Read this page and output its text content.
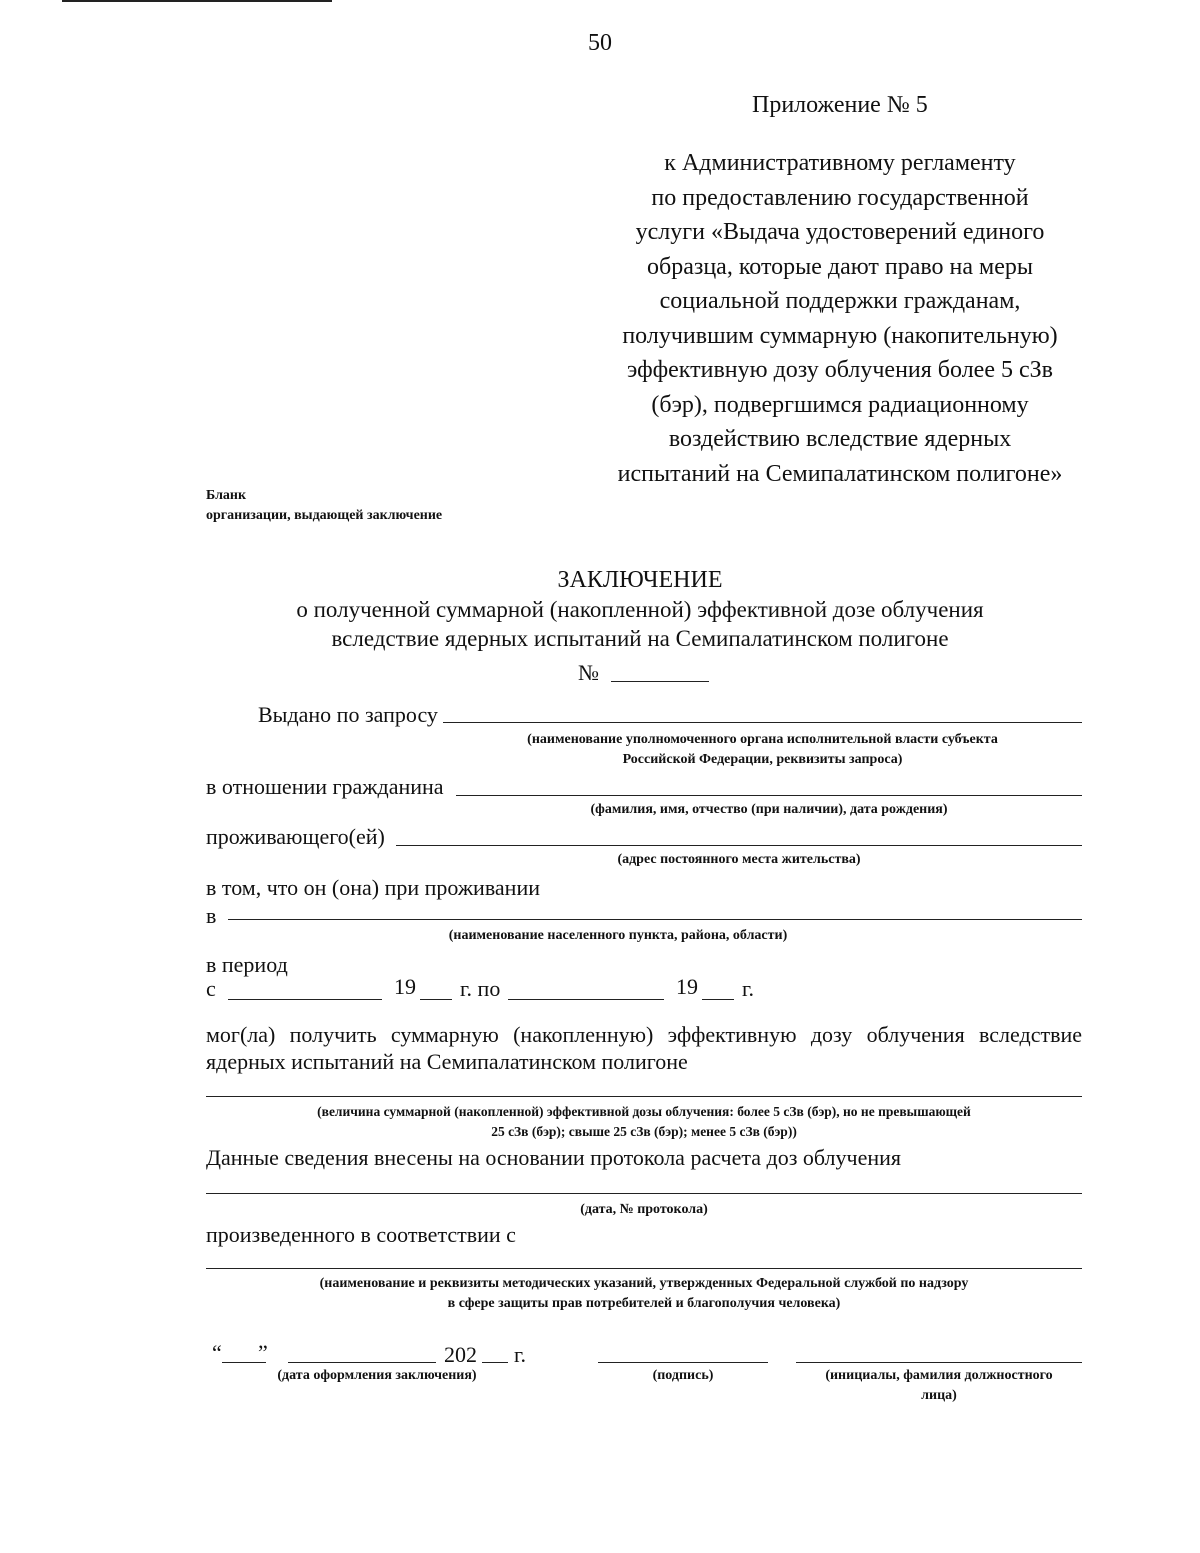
50
Приложение № 5
к Административному регламенту
по предоставлению государственной
услуги «Выдача удостоверений единого
образца, которые дают право на меры
социальной поддержки гражданам,
получившим суммарную (накопительную)
эффективную дозу облучения более 5 сЗв
(бэр), подвергшимся радиационному
воздействию вследствие ядерных
испытаний на Семипалатинском полигоне»
Бланк
организации, выдающей заключение
ЗАКЛЮЧЕНИЕ
о полученной суммарной (накопленной) эффективной дозе облучения
вследствие ядерных испытаний на Семипалатинском полигоне
№
Выдано по запросу
(наименование уполномоченного органа исполнительной власти субъекта
Российской Федерации, реквизиты запроса)
в отношении гражданина
(фамилия, имя, отчество (при наличии), дата рождения)
проживающего(ей)
(адрес постоянного места жительства)
в том, что он (она) при проживании
в
(наименование населенного пункта, района, области)
в период
с	19 г. по	19 г.
мог(ла) получить суммарную (накопленную) эффективную дозу облучения вследствие
ядерных испытаний на Семипалатинском полигоне
(величина суммарной (накопленной) эффективной дозы облучения: более 5 сЗв (бэр), но не превышающей
25 сЗв (бэр); свыше 25 сЗв (бэр); менее 5 сЗв (бэр))
Данные сведения внесены на основании протокола расчета доз облучения
(дата, № протокола)
произведенного в соответствии с
(наименование и реквизиты методических указаний, утвержденных Федеральной службой по надзору
в сфере защиты прав потребителей и благополучия человека)
“ ”	202 г.
(дата оформления заключения)	(подпись)	(инициалы, фамилия должностного
лица)
